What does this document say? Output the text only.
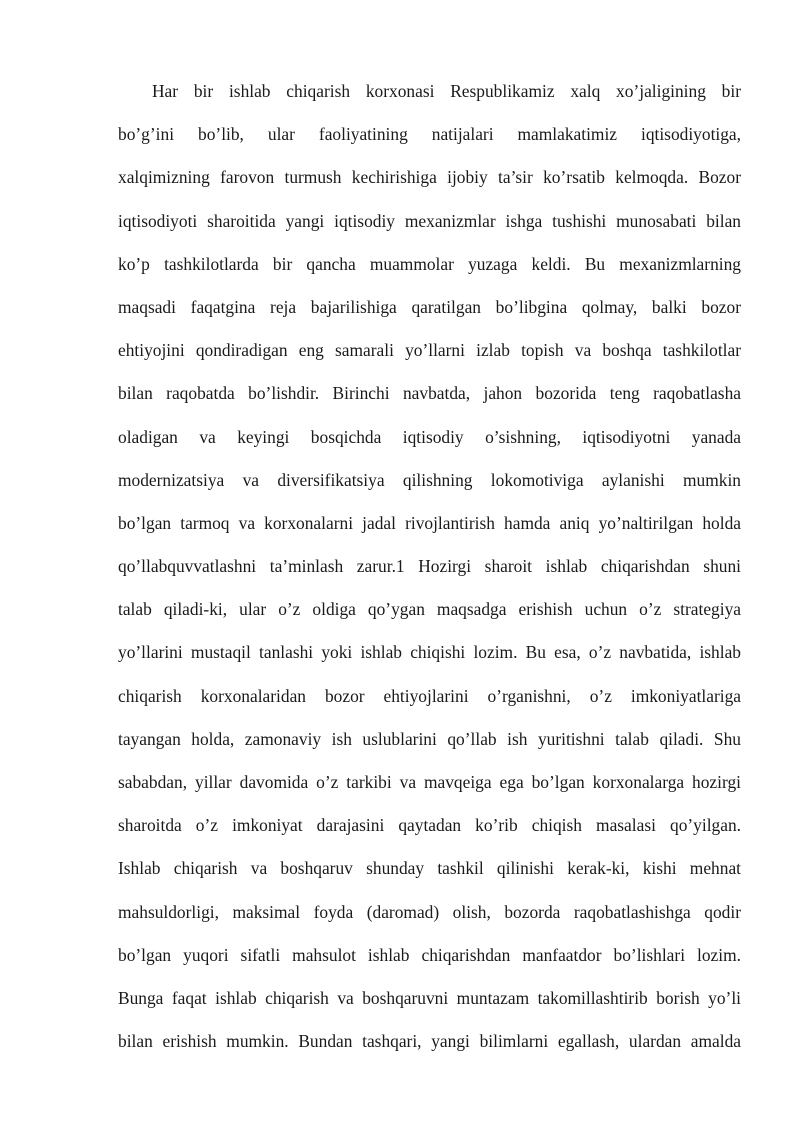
Har bir ishlab chiqarish korxonasi Respublikamiz xalq xo’jaligining bir
bo’g’ini bo’lib, ular faoliyatining natijalari mamlakatimiz iqtisodiyotiga,
xalqimizning farovon turmush kechirishiga ijobiy ta’sir ko’rsatib kelmoqda. Bozor
iqtisodiyoti sharoitida yangi iqtisodiy mexanizmlar ishga tushishi munosabati bilan
ko’p tashkilotlarda bir qancha muammolar yuzaga keldi. Bu mexanizmlarning
maqsadi faqatgina reja bajarilishiga qaratilgan bo’libgina qolmay, balki bozor
ehtiyojini qondiradigan eng samarali yo’llarni izlab topish va boshqa tashkilotlar
bilan raqobatda bo’lishdir. Birinchi navbatda, jahon bozorida teng raqobatlasha
oladigan va keyingi bosqichda iqtisodiy o’sishning, iqtisodiyotni yanada
modernizatsiya va diversifikatsiya qilishning lokomotiviga aylanishi mumkin
bo’lgan tarmoq va korxonalarni jadal rivojlantirish hamda aniq yo’naltirilgan holda
qo’llabquvvatlashni ta’minlash zarur.1 Hozirgi sharoit ishlab chiqarishdan shuni
talab qiladi-ki, ular o’z oldiga qo’ygan maqsadga erishish uchun o’z strategiya
yo’llarini mustaqil tanlashi yoki ishlab chiqishi lozim. Bu esa, o’z navbatida, ishlab
chiqarish korxonalaridan bozor ehtiyojlarini o’rganishni, o’z imkoniyatlariga
tayangan holda, zamonaviy ish uslublarini qo’llab ish yuritishni talab qiladi. Shu
sababdan, yillar davomida o’z tarkibi va mavqeiga ega bo’lgan korxonalarga hozirgi
sharoitda o’z imkoniyat darajasini qaytadan ko’rib chiqish masalasi qo’yilgan.
Ishlab chiqarish va boshqaruv shunday tashkil qilinishi kerak-ki, kishi mehnat
mahsuldorligi, maksimal foyda (daromad) olish, bozorda raqobatlashishga qodir
bo’lgan yuqori sifatli mahsulot ishlab chiqarishdan manfaatdor bo’lishlari lozim.
Bunga faqat ishlab chiqarish va boshqaruvni muntazam takomillashtirib borish yo’li
bilan erishish mumkin. Bundan tashqari, yangi bilimlarni egallash, ulardan amalda
